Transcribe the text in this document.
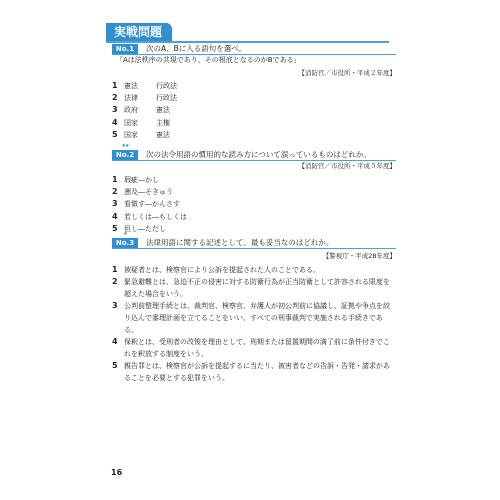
実戦問題
No.1	次のA、Bに入る語句を選べ。
「Aは法秩序の共現であり、その根底となるのがBである」
【消防官／市役所・平成２年度】
1 憲法	行政法
2 法律	行政法
3 政府	憲法
4 国家	主権
5 国家	憲法
★★
No.2	次の法令用語の慣用的な読み方について誤っているものはどれか。
【消防官／市役所・平成５年度】
1 瑕疵―かし
2 遡及―そきゅう
3 看做す―かんさす
4 若しくは―もしくは
5 但し―ただし
★
No.3	法律用語に関する記述として、最も妥当なのはどれか。
【警視庁・平成28年度】
1 被疑者とは、検察官により公訴を提起された人のことである。
2 緊急避難とは、急迫不正の侵害に対する防衛行為が正当防衛として許容される限度を超えた場合をいう。
3 公判前整理手続とは、裁判官、検察官、弁護人が初公判前に協議し、証拠や争点を絞り込んで審理計画を立てることをいい、すべての刑事裁判で実施される手続きである。
4 保釈とは、受刑者の改悛を理由として、刑期または留置期間の満了前に条件付きでこれを釈放する制度をいう。
5 親告罪とは、検察官が公訴を提起するに当たり、被害者などの告訴・告発・請求があることを必要とする犯罪をいう。
16
